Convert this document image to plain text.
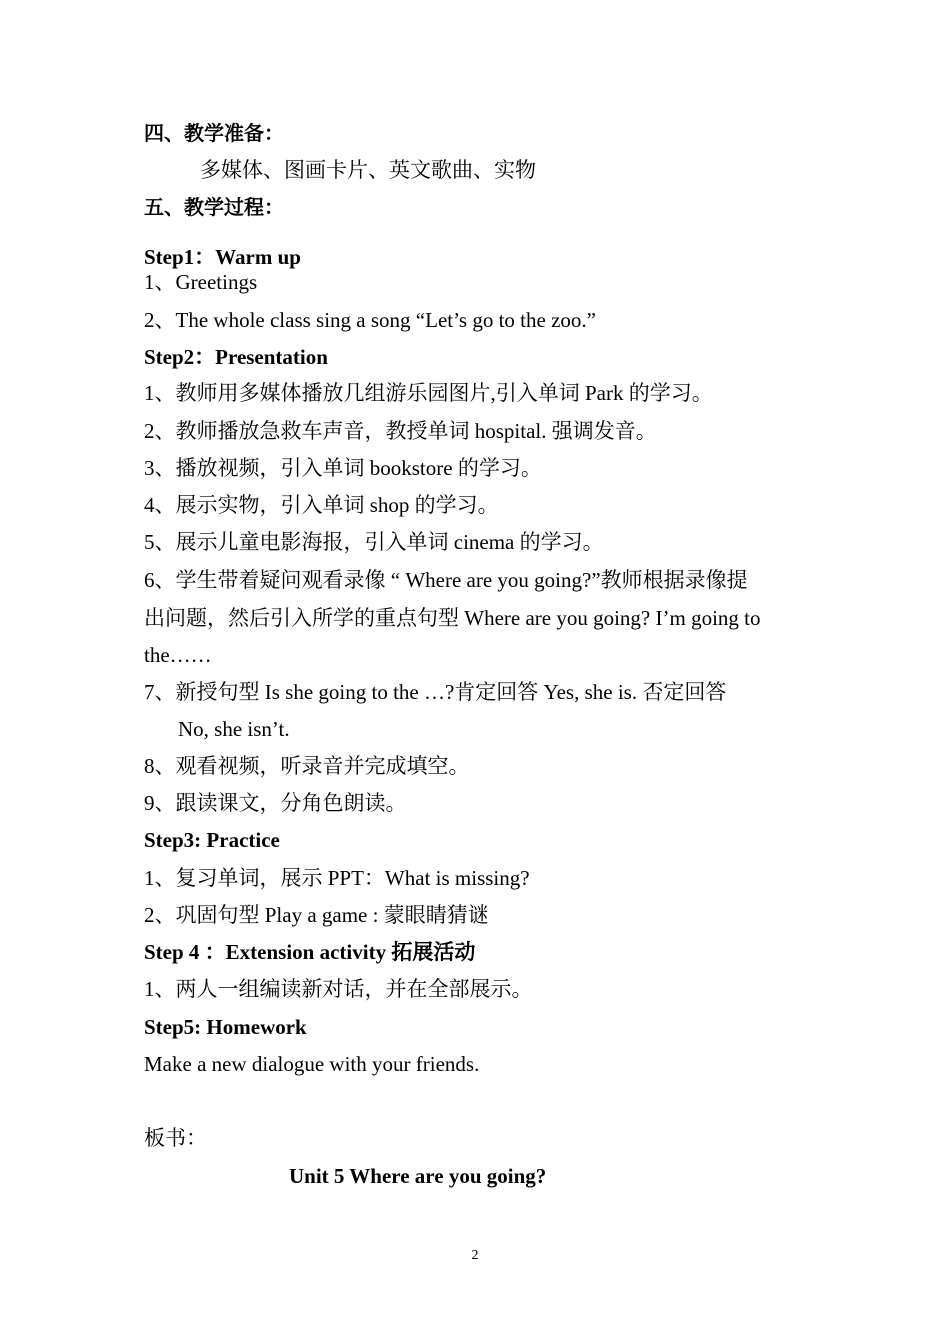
四、教学准备：
多媒体、图画卡片、英文歌曲、实物
五、教学过程：
Step1：Warm up
1、Greetings
2、The whole class sing a song “Let’s go to the zoo.”
Step2：Presentation
1、教师用多媒体播放几组游乐园图片,引入单词 Park 的学习。
2、教师播放急救车声音，教授单词 hospital. 强调发音。
3、播放视频，引入单词 bookstore 的学习。
4、展示实物，引入单词 shop 的学习。
5、展示儿童电影海报，引入单词 cinema 的学习。
6、学生带着疑问观看录像 “ Where are you going?”教师根据录像提
出问题，然后引入所学的重点句型 Where are you going? I’m going to
the……
7、新授句型 Is she going to the …?肯定回答 Yes, she is. 否定回答
No, she isn’t.
8、观看视频，听录音并完成填空。
9、跟读课文，分角色朗读。
Step3: Practice
1、复习单词，展示 PPT：What is missing?
2、巩固句型 Play a game : 蒙眼睛猜谜
Step 4 ：Extension activity 拓展活动
1、两人一组编读新对话，并在全部展示。
Step5: Homework
Make a new dialogue with your friends.
板书：
Unit 5 Where are you going?
2
